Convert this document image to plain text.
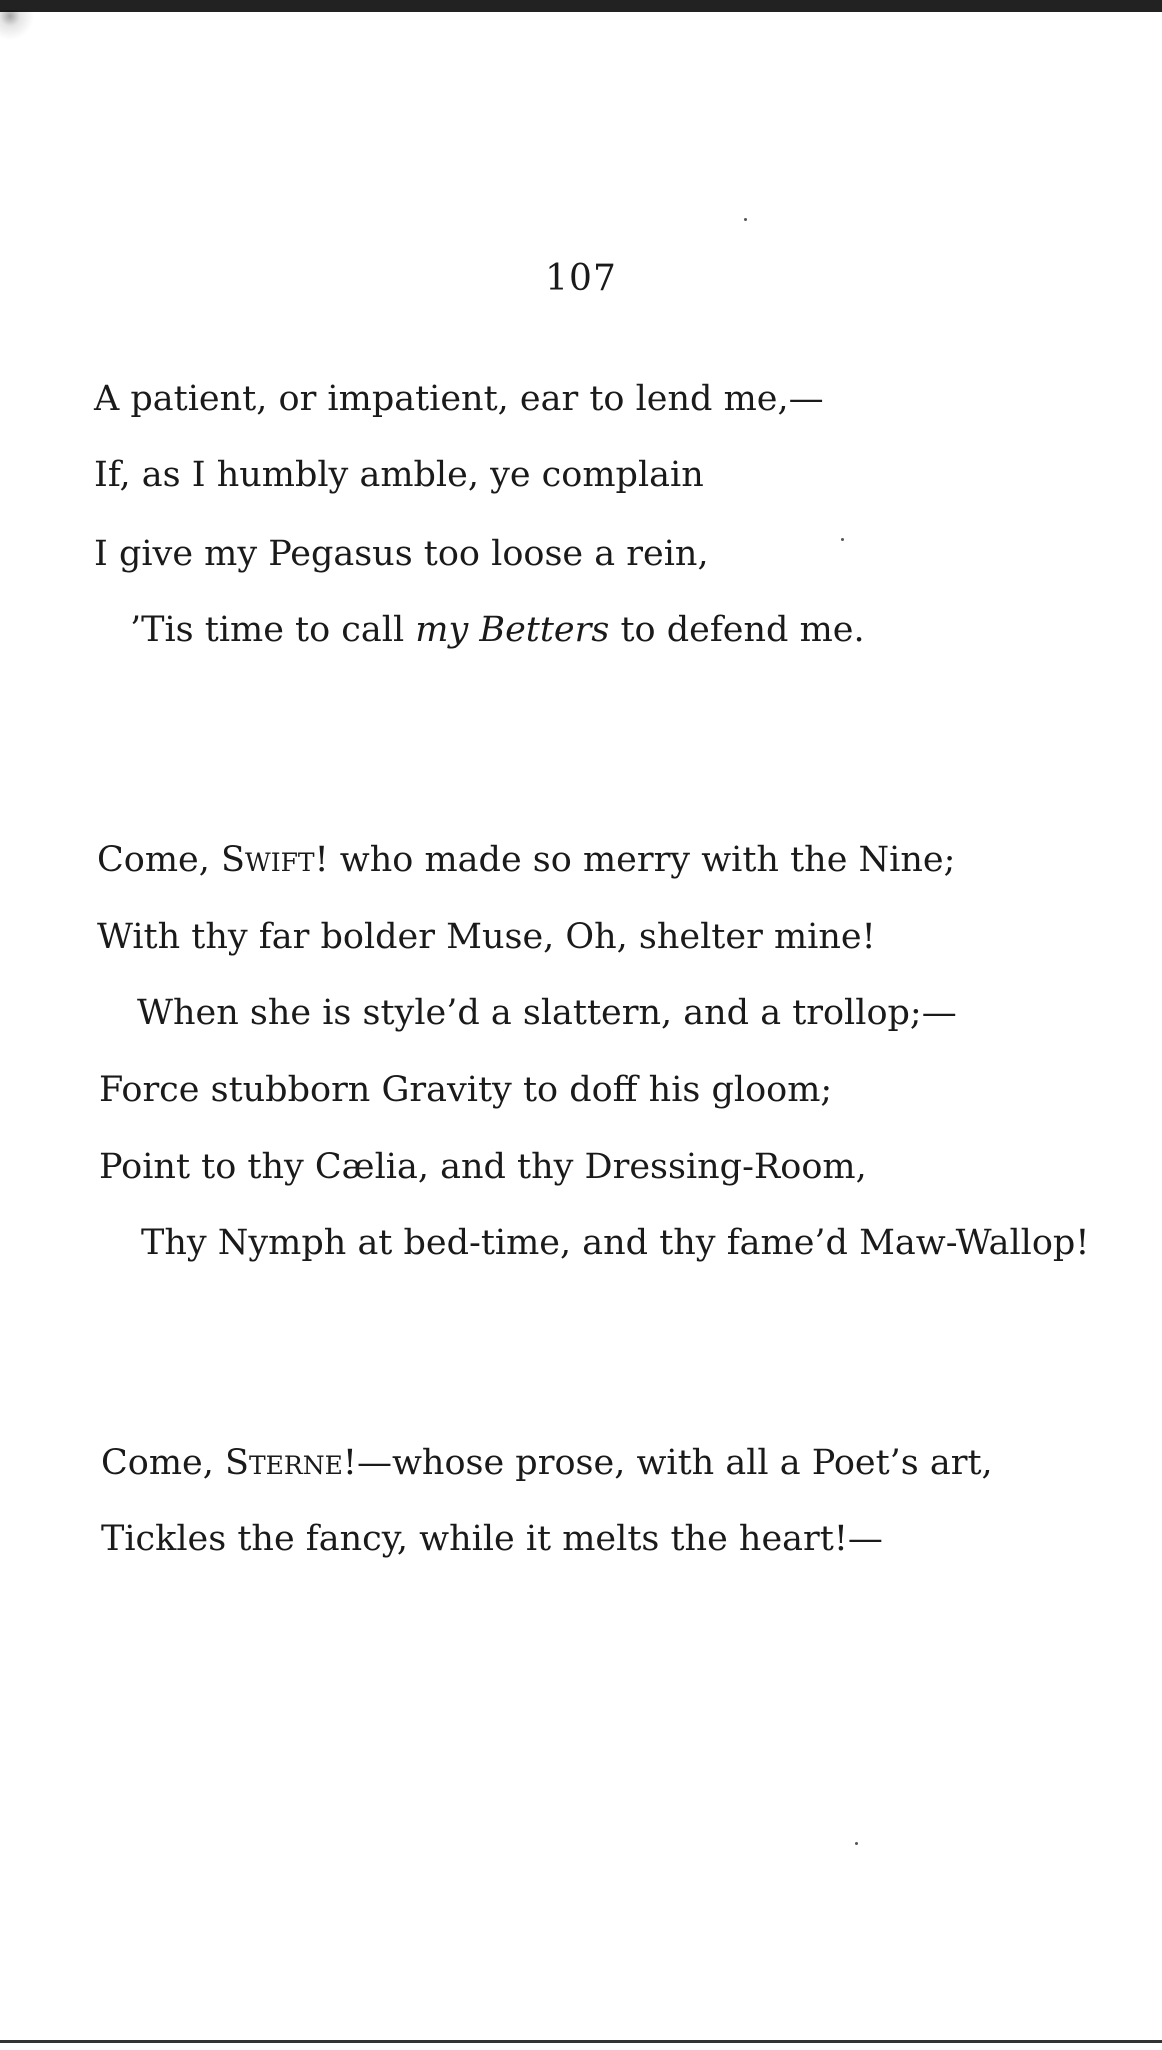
107
A patient, or impatient, ear to lend me,—
If, as I humbly amble, ye complain
I give my Pegasus too loose a rein,
’Tis time to call my Betters to defend me.
Come, Swift! who made so merry with the Nine;
With thy far bolder Muse, Oh, shelter mine!
When she is style’d a slattern, and a trollop;—
Force stubborn Gravity to doff his gloom;
Point to thy Cælia, and thy Dressing-Room,
Thy Nymph at bed-time, and thy fame’d Maw-Wallop!
Come, Sterne!—whose prose, with all a Poet’s art,
Tickles the fancy, while it melts the heart!—
